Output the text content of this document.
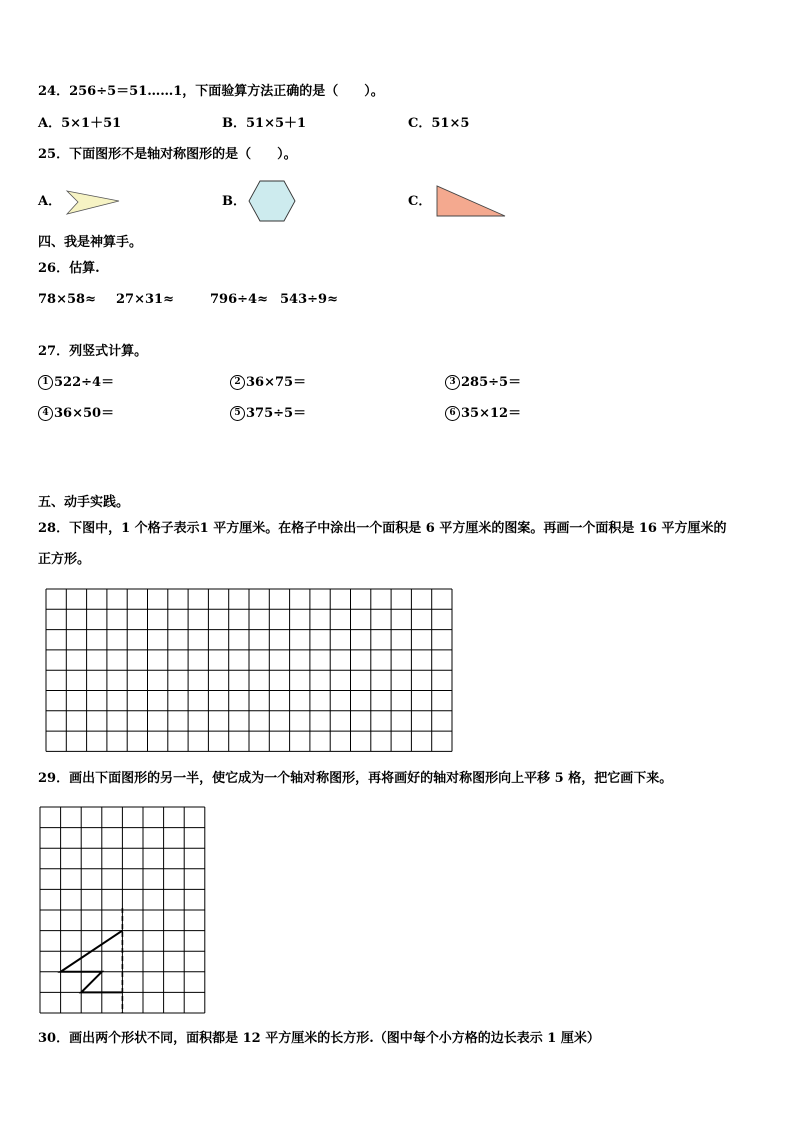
24．256÷5＝51……1，下面验算方法正确的是（　　）。
A．5×1＋51	B．51×5＋1	C．51×5
25．下面图形不是轴对称图形的是（　　）。
A．	B．	C．
四、我是神算手。
26．估算.
78×58≈ 27×31≈	796÷4≈ 543÷9≈
27．列竖式计算。
1 522÷4＝	2 36×75＝	3 285÷5＝
4 36×50＝	5 375÷5＝	6 35×12＝
五、动手实践。
28．下图中，1 个格子表示1 平方厘米。在格子中涂出一个面积是 6 平方厘米的图案。再画一个面积是 16 平方厘米的
正方形。
29．画出下面图形的另一半，使它成为一个轴对称图形，再将画好的轴对称图形向上平移 5 格，把它画下来。
30．画出两个形状不同，面积都是 12 平方厘米的长方形.（图中每个小方格的边长表示 1 厘米）
